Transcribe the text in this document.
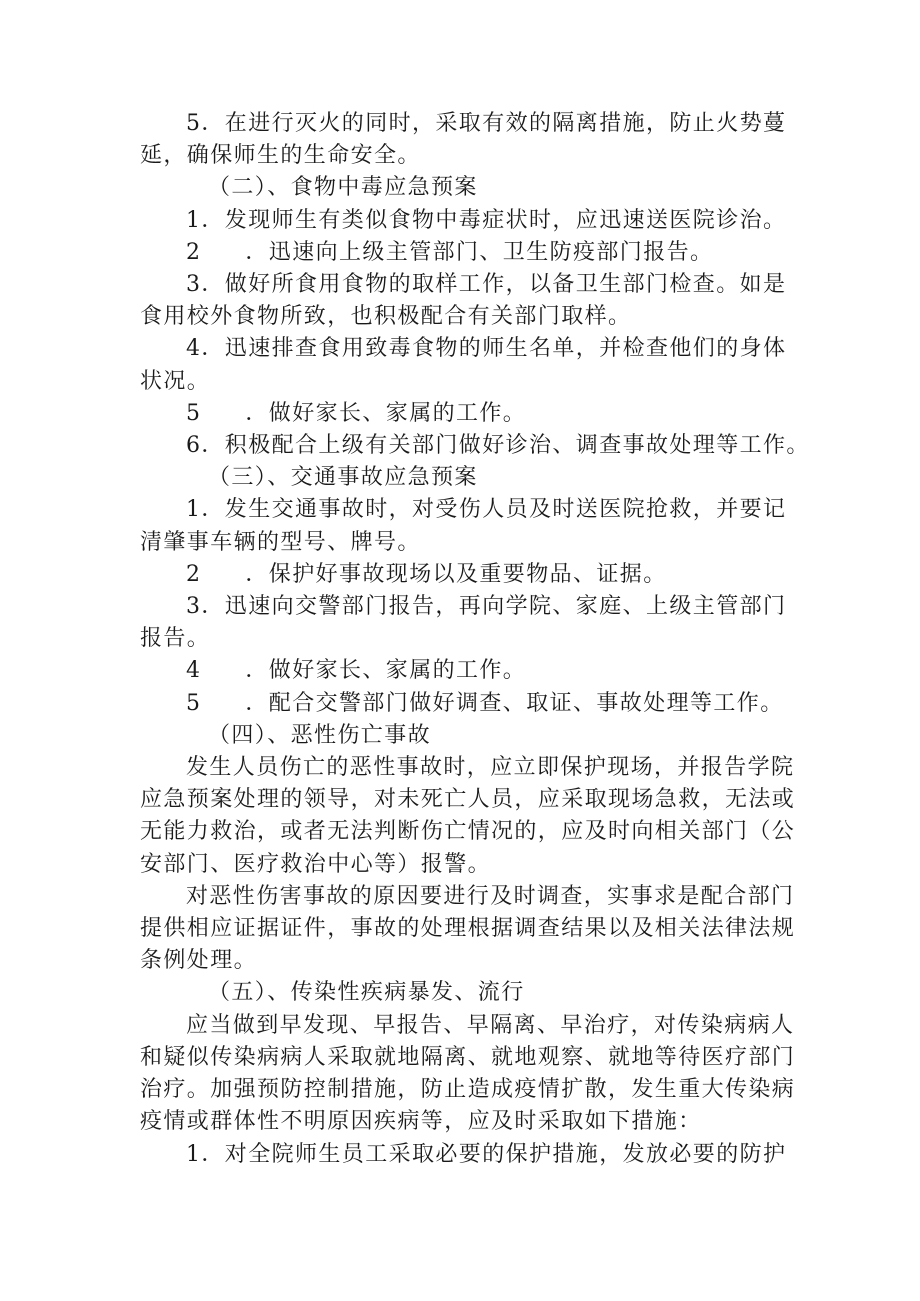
5．在进行灭火的同时，采取有效的隔离措施，防止火势蔓
延，确保师生的生命安全。
（二）、食物中毒应急预案
1．发现师生有类似食物中毒症状时，应迅速送医院诊治。
2 ．迅速向上级主管部门、卫生防疫部门报告。
3．做好所食用食物的取样工作，以备卫生部门检查。如是
食用校外食物所致，也积极配合有关部门取样。
4．迅速排查食用致毒食物的师生名单，并检查他们的身体
状况。
5 ．做好家长、家属的工作。
6．积极配合上级有关部门做好诊治、调查事故处理等工作。
（三）、交通事故应急预案
1．发生交通事故时，对受伤人员及时送医院抢救，并要记
清肇事车辆的型号、牌号。
2 ．保护好事故现场以及重要物品、证据。
3．迅速向交警部门报告，再向学院、家庭、上级主管部门
报告。
4 ．做好家长、家属的工作。
5 ．配合交警部门做好调查、取证、事故处理等工作。
（四）、恶性伤亡事故
发生人员伤亡的恶性事故时，应立即保护现场，并报告学院
应急预案处理的领导，对未死亡人员，应采取现场急救，无法或
无能力救治，或者无法判断伤亡情况的，应及时向相关部门（公
安部门、医疗救治中心等）报警。
对恶性伤害事故的原因要进行及时调查，实事求是配合部门
提供相应证据证件，事故的处理根据调查结果以及相关法律法规
条例处理。
（五）、传染性疾病暴发、流行
应当做到早发现、早报告、早隔离、早治疗，对传染病病人
和疑似传染病病人采取就地隔离、就地观察、就地等待医疗部门
治疗。加强预防控制措施，防止造成疫情扩散，发生重大传染病
疫情或群体性不明原因疾病等，应及时采取如下措施：
1．对全院师生员工采取必要的保护措施，发放必要的防护
